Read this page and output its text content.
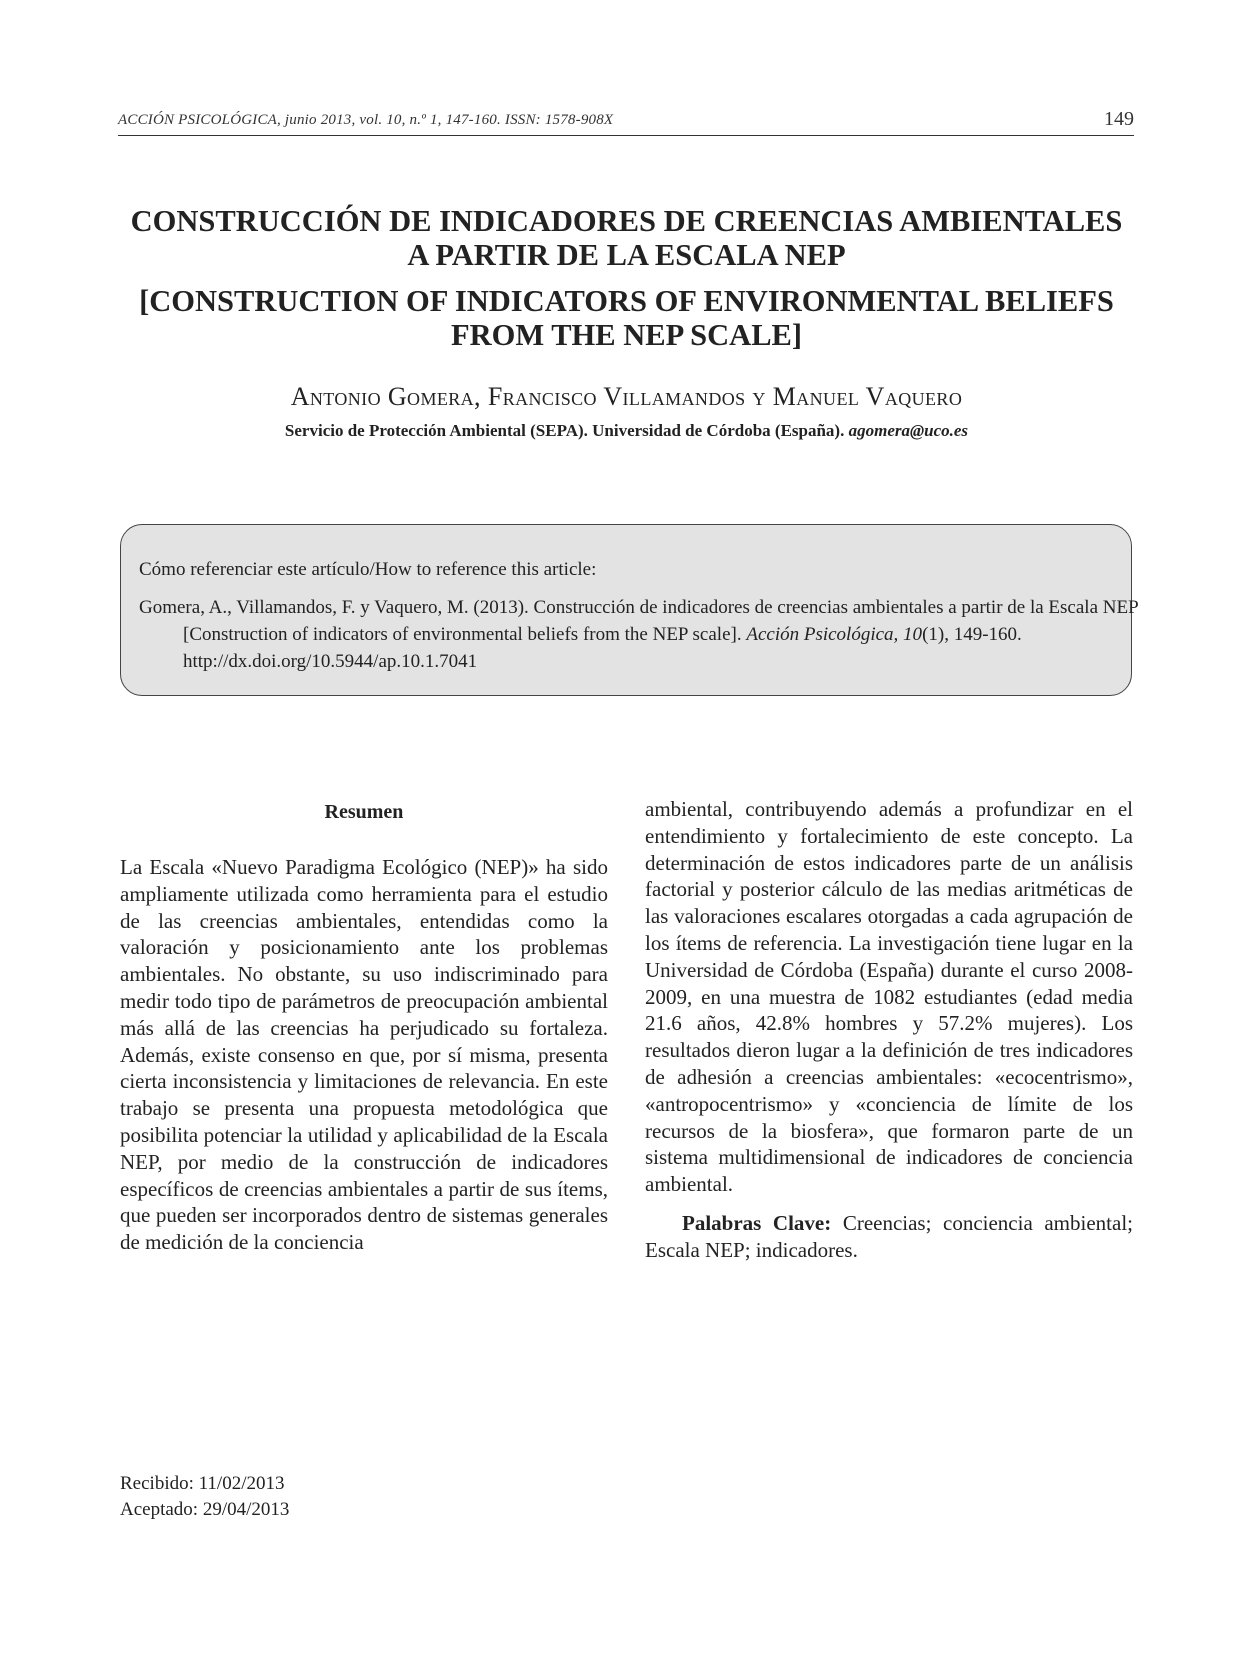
ACCIÓN PSICOLÓGICA, junio 2013, vol. 10, n.º 1, 147-160. ISSN: 1578-908X	149
CONSTRUCCIÓN DE INDICADORES DE CREENCIAS AMBIENTALES
A PARTIR DE LA ESCALA NEP
[CONSTRUCTION OF INDICATORS OF ENVIRONMENTAL BELIEFS
FROM THE NEP SCALE]
Antonio Gomera, Francisco Villamandos y Manuel Vaquero
Servicio de Protección Ambiental (SEPA). Universidad de Córdoba (España). agomera@uco.es
Cómo referenciar este artículo/How to reference this article:
Gomera, A., Villamandos, F. y Vaquero, M. (2013). Construcción de indicadores de creencias ambientales a partir de la Escala NEP [Construction of indicators of environmental beliefs from the NEP scale]. Acción Psicológica, 10(1), 149-160. http://dx.doi.org/10.5944/ap.10.1.7041

Resumen

La Escala «Nuevo Paradigma Ecológico (NEP)» ha sido ampliamente utilizada como herramienta para el estudio de las creencias ambientales, entendidas como la valoración y posicionamiento ante los problemas ambientales. No obstante, su uso indiscriminado para medir todo tipo de parámetros de preocupación ambiental más allá de las creencias ha perjudicado su fortaleza. Además, existe consenso en que, por sí misma, presenta cierta inconsistencia y limitaciones de relevancia. En este trabajo se presenta una propuesta metodológica que posibilita potenciar la utilidad y aplicabilidad de la Escala NEP, por medio de la construcción de indicadores específicos de creencias ambientales a partir de sus ítems, que pueden ser incorporados dentro de sistemas generales de medición de la conciencia

ambiental, contribuyendo además a profundizar en el entendimiento y fortalecimiento de este concepto. La determinación de estos indicadores parte de un análisis factorial y posterior cálculo de las medias aritméticas de las valoraciones escalares otorgadas a cada agrupación de los ítems de referencia. La investigación tiene lugar en la Universidad de Córdoba (España) durante el curso 2008-2009, en una muestra de 1082 estudiantes (edad media 21.6 años, 42.8% hombres y 57.2% mujeres). Los resultados dieron lugar a la definición de tres indicadores de adhesión a creencias ambientales: «ecocentrismo», «antropocentrismo» y «conciencia de límite de los recursos de la biosfera», que formaron parte de un sistema multidimensional de indicadores de conciencia ambiental.

Palabras Clave: Creencias; conciencia ambiental; Escala NEP; indicadores.

Recibido: 11/02/2013
Aceptado: 29/04/2013
